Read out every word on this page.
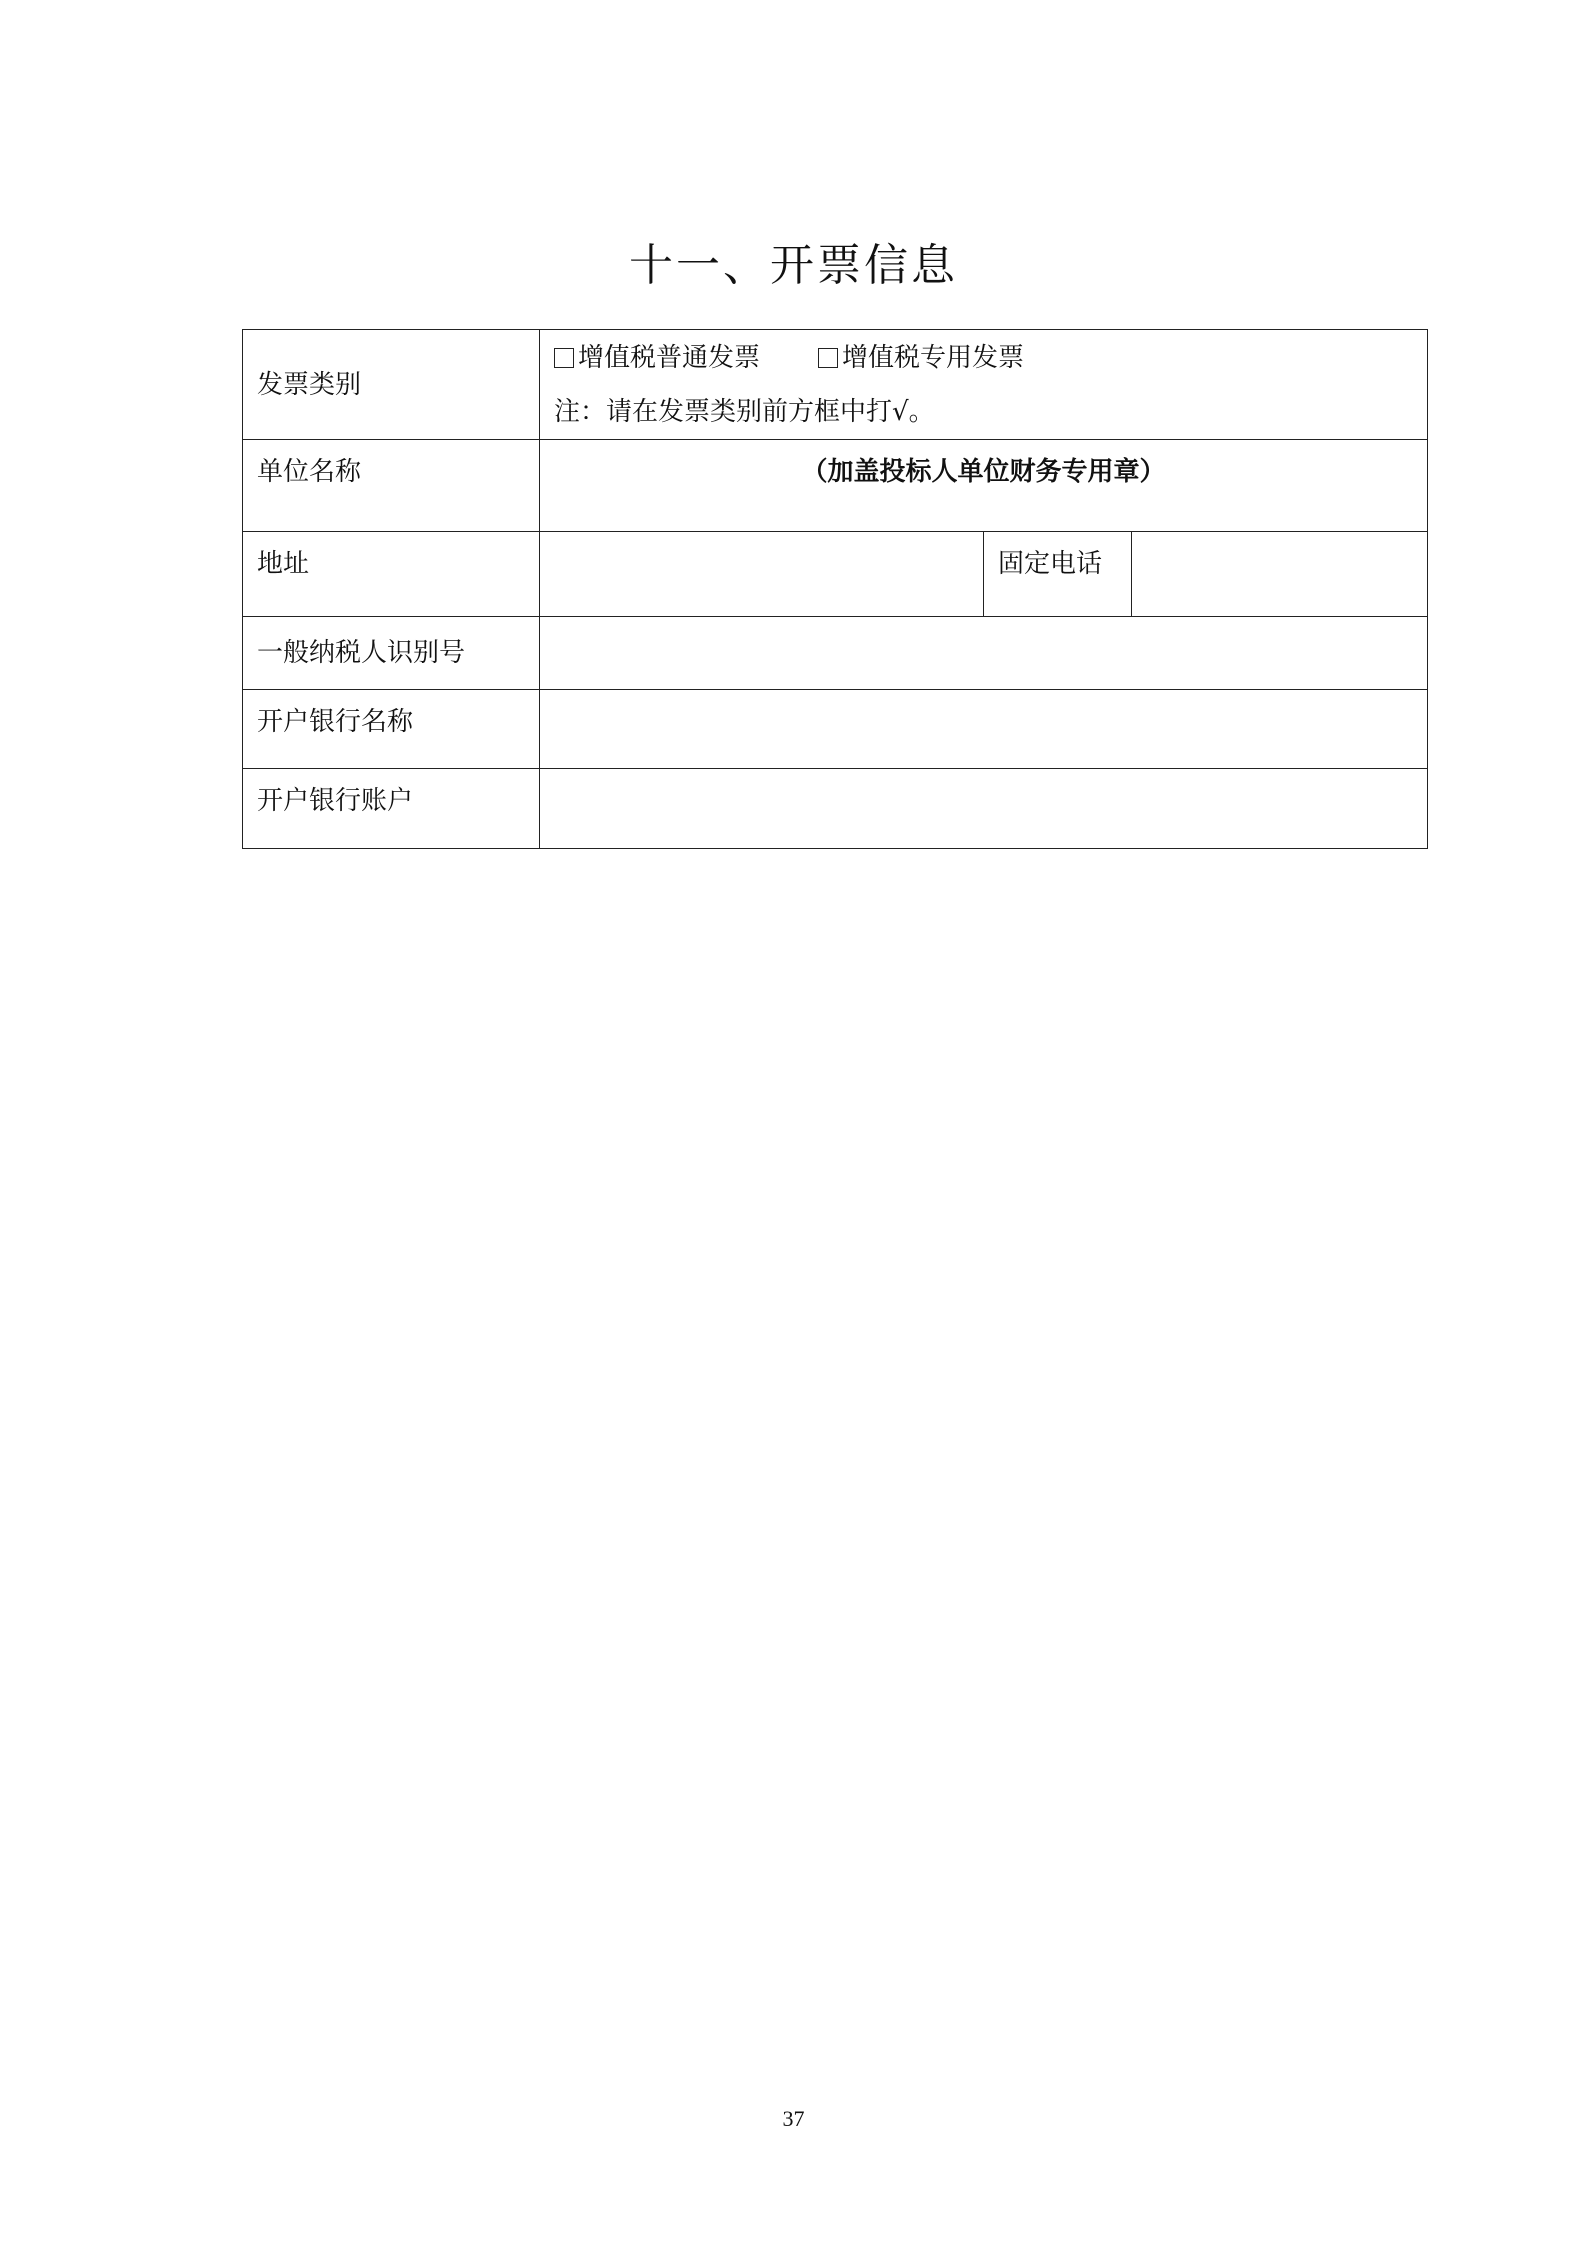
十一、开票信息
发票类别	增值税普通发票 增值税专用发票
注：请在发票类别前方框中打√。		

单位名称	（加盖投标人单位财务专用章）		
地址		固定电话	
一般纳税人识别号			
开户银行名称			
开户银行账户			
37
